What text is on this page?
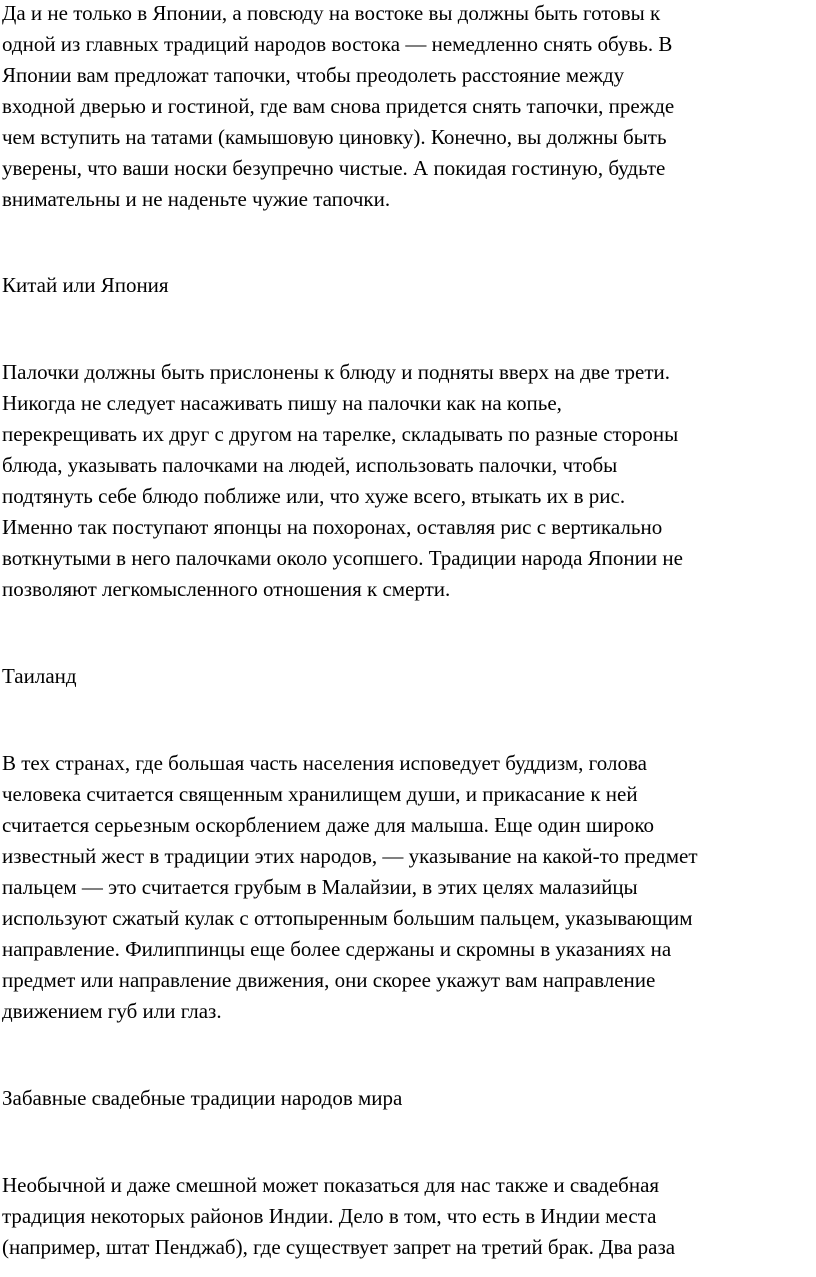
Да и не только в Японии, а повсюду на востоке вы должны быть готовы к

одной из главных традиций народов востока — немедленно снять обувь. В

Японии вам предложат тапочки, чтобы преодолеть расстояние между

входной дверью и гостиной, где вам снова придется снять тапочки, прежде

чем вступить на татами (камышовую циновку). Конечно, вы должны быть

уверены, что ваши носки безупречно чистые. А покидая гостиную, будьте

внимательны и не наденьте чужие тапочки.

Китай или Япония

Палочки должны быть прислонены к блюду и подняты вверх на две трети.

Никогда не следует насаживать пишу на палочки как на копье,

перекрещивать их друг с другом на тарелке, складывать по разные стороны

блюда, указывать палочками на людей, использовать палочки, чтобы

подтянуть себе блюдо поближе или, что хуже всего, втыкать их в рис.

Именно так поступают японцы на похоронах, оставляя рис с вертикально

воткнутыми в него палочками около усопшего. Традиции народа Японии не

позволяют легкомысленного отношения к смерти.

Таиланд

В тех странах, где большая часть населения исповедует буддизм, голова

человека считается священным хранилищем души, и прикасание к ней

считается серьезным оскорблением даже для малыша. Еще один широко

известный жест в традиции этих народов, — указывание на какой-то предмет

пальцем — это считается грубым в Малайзии, в этих целях малазийцы

используют сжатый кулак с оттопыренным большим пальцем, указывающим

направление. Филиппинцы еще более сдержаны и скромны в указаниях на

предмет или направление движения, они скорее укажут вам направление

движением губ или глаз.

Забавные свадебные традиции народов мира

Необычной и даже смешной может показаться для нас также и свадебная

традиция некоторых районов Индии. Дело в том, что есть в Индии места

(например, штат Пенджаб), где существует запрет на третий брак. Два раза
